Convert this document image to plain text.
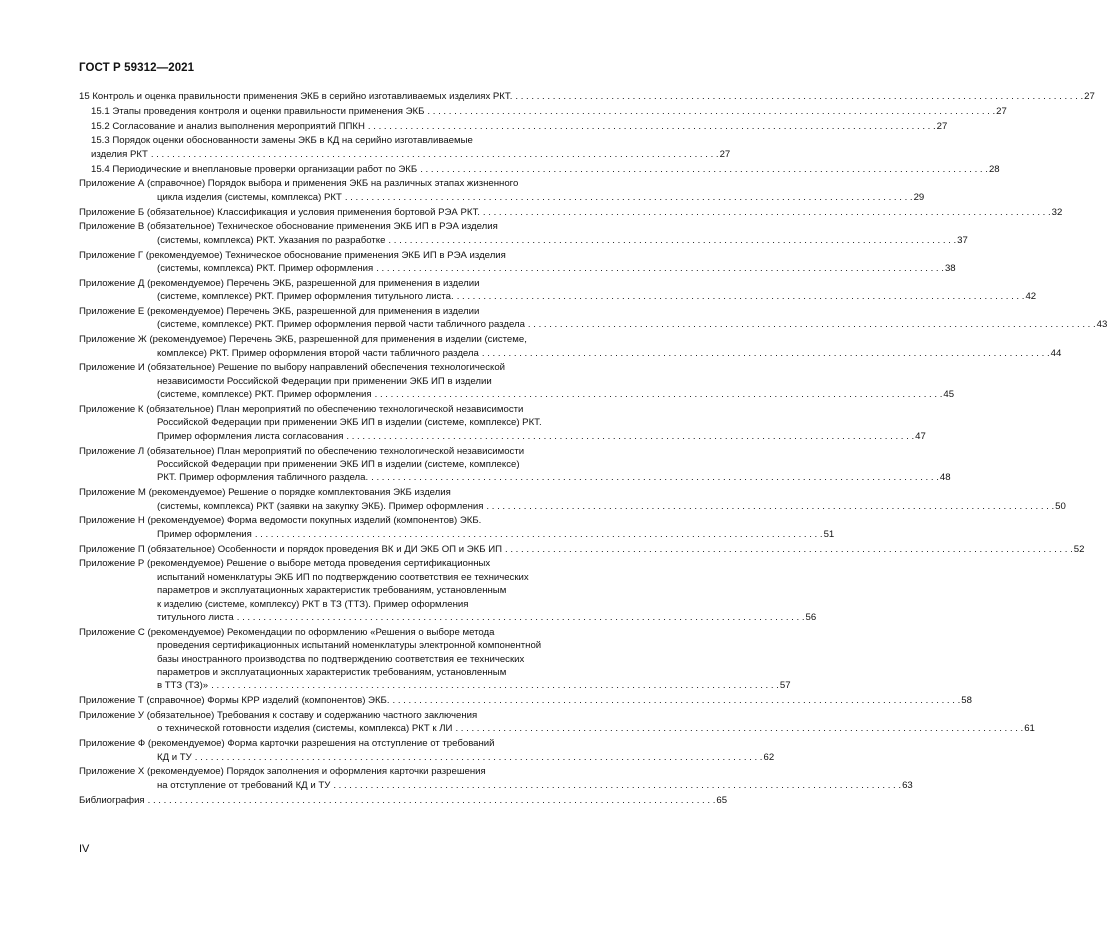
ГОСТ Р 59312—2021
15 Контроль и оценка правильности применения ЭКБ в серийно изготавливаемых изделиях РКТ. . . .	27
15.1 Этапы проведения контроля и оценки правильности применения ЭКБ . . .	27
15.2 Согласование и анализ выполнения мероприятий ППКН . . .	27
15.3 Порядок оценки обоснованности замены ЭКБ в КД на серийно изготавливаемые
изделия РКТ . . .	27
15.4 Периодические и внеплановые проверки организации работ по ЭКБ . . .	28
Приложение А (справочное) Порядок выбора и применения ЭКБ на различных этапах жизненного
цикла изделия (системы, комплекса) РКТ . . .	29
Приложение Б (обязательное) Классификация и условия применения бортовой РЭА РКТ. . . .	32
Приложение В (обязательное) Техническое обоснование применения ЭКБ ИП в РЭА изделия
(системы, комплекса) РКТ. Указания по разработке . . .	37
Приложение Г (рекомендуемое) Техническое обоснование применения ЭКБ ИП в РЭА изделия
(системы, комплекса) РКТ. Пример оформления . . .	38
Приложение Д (рекомендуемое) Перечень ЭКБ, разрешенной для применения в изделии
(системе, комплексе) РКТ. Пример оформления титульного листа. . . .	42
Приложение Е (рекомендуемое) Перечень ЭКБ, разрешенной для применения в изделии
(системе, комплексе) РКТ. Пример оформления первой части табличного раздела . . .	43
Приложение Ж (рекомендуемое) Перечень ЭКБ, разрешенной для применения в изделии (системе,
комплексе) РКТ. Пример оформления второй части табличного раздела . . .	44
Приложение И (обязательное) Решение по выбору направлений обеспечения технологической
независимости Российской Федерации при применении ЭКБ ИП в изделии
(системе, комплексе) РКТ. Пример оформления . . .	45
Приложение К (обязательное) План мероприятий по обеспечению технологической независимости
Российской Федерации при применении ЭКБ ИП в изделии (системе, комплексе) РКТ.
Пример оформления листа согласования . . .	47
Приложение Л (обязательное) План мероприятий по обеспечению технологической независимости
Российской Федерации при применении ЭКБ ИП в изделии (системе, комплексе)
РКТ. Пример оформления табличного раздела. . . .	48
Приложение М (рекомендуемое) Решение о порядке комплектования ЭКБ изделия
(системы, комплекса) РКТ (заявки на закупку ЭКБ). Пример оформления . . .	50
Приложение Н (рекомендуемое) Форма ведомости покупных изделий (компонентов) ЭКБ.
Пример оформления . . .	51
Приложение П (обязательное) Особенности и порядок проведения ВК и ДИ ЭКБ ОП и ЭКБ ИП . . .	52
Приложение Р (рекомендуемое) Решение о выборе метода проведения сертификационных
испытаний номенклатуры ЭКБ ИП по подтверждению соответствия ее технических
параметров и эксплуатационных характеристик требованиям, установленным
к изделию (системе, комплексу) РКТ в ТЗ (ТТЗ). Пример оформления
титульного листа . . .	56
Приложение С (рекомендуемое) Рекомендации по оформлению «Решения о выборе метода
проведения сертификационных испытаний номенклатуры электронной компонентной
базы иностранного производства по подтверждению соответствия ее технических
параметров и эксплуатационных характеристик требованиям, установленным
в ТТЗ (ТЗ)» . . .	57
Приложение Т (справочное) Формы КРР изделий (компонентов) ЭКБ. . . .	58
Приложение У (обязательное) Требования к составу и содержанию частного заключения
о технической готовности изделия (системы, комплекса) РКТ к ЛИ . . .	61
Приложение Ф (рекомендуемое) Форма карточки разрешения на отступление от требований
КД и ТУ . . .	62
Приложение Х (рекомендуемое) Порядок заполнения и оформления карточки разрешения
на отступление от требований КД и ТУ . . .	63
Библиография . . .	65
IV
